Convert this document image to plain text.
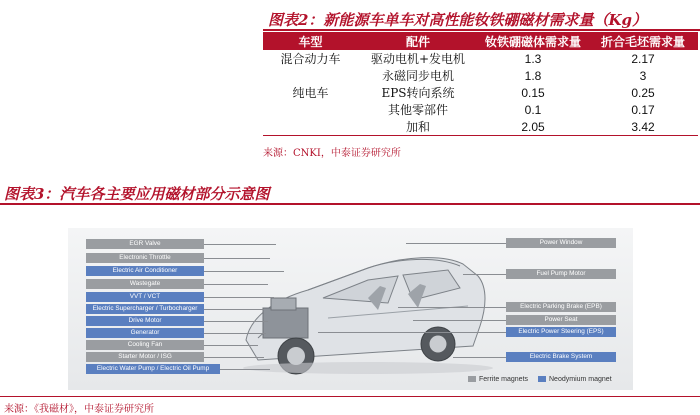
图表2：新能源车单车对高性能钕铁硼磁材需求量（Kg）
车型	配件	钕铁硼磁体需求量	折合毛坯需求量
混合动力车	驱动电机+发电机	1.3	2.17
	永磁同步电机	1.8	3
纯电车	EPS转向系统	0.15	0.25
	其他零部件	0.1	0.17
	加和	2.05	3.42
来源：CNKI，中泰证券研究所
图表3：汽车各主要应用磁材部分示意图
EGR Valve
Electronic Throttle
Electric Air Conditioner
Wastegate
VVT / VCT
Electric Supercharger / Turbocharger
Drive Motor
Generator
Cooling Fan
Starter Motor / ISG
Electric Water Pump / Electric Oil Pump
Power Window
Fuel Pump Motor
Electric Parking Brake (EPB)
Power Seat
Electric Power Steering (EPS)
Electric Brake System
Ferrite magnets	Neodymium magnet
来源：《我磁材》，中泰证券研究所
